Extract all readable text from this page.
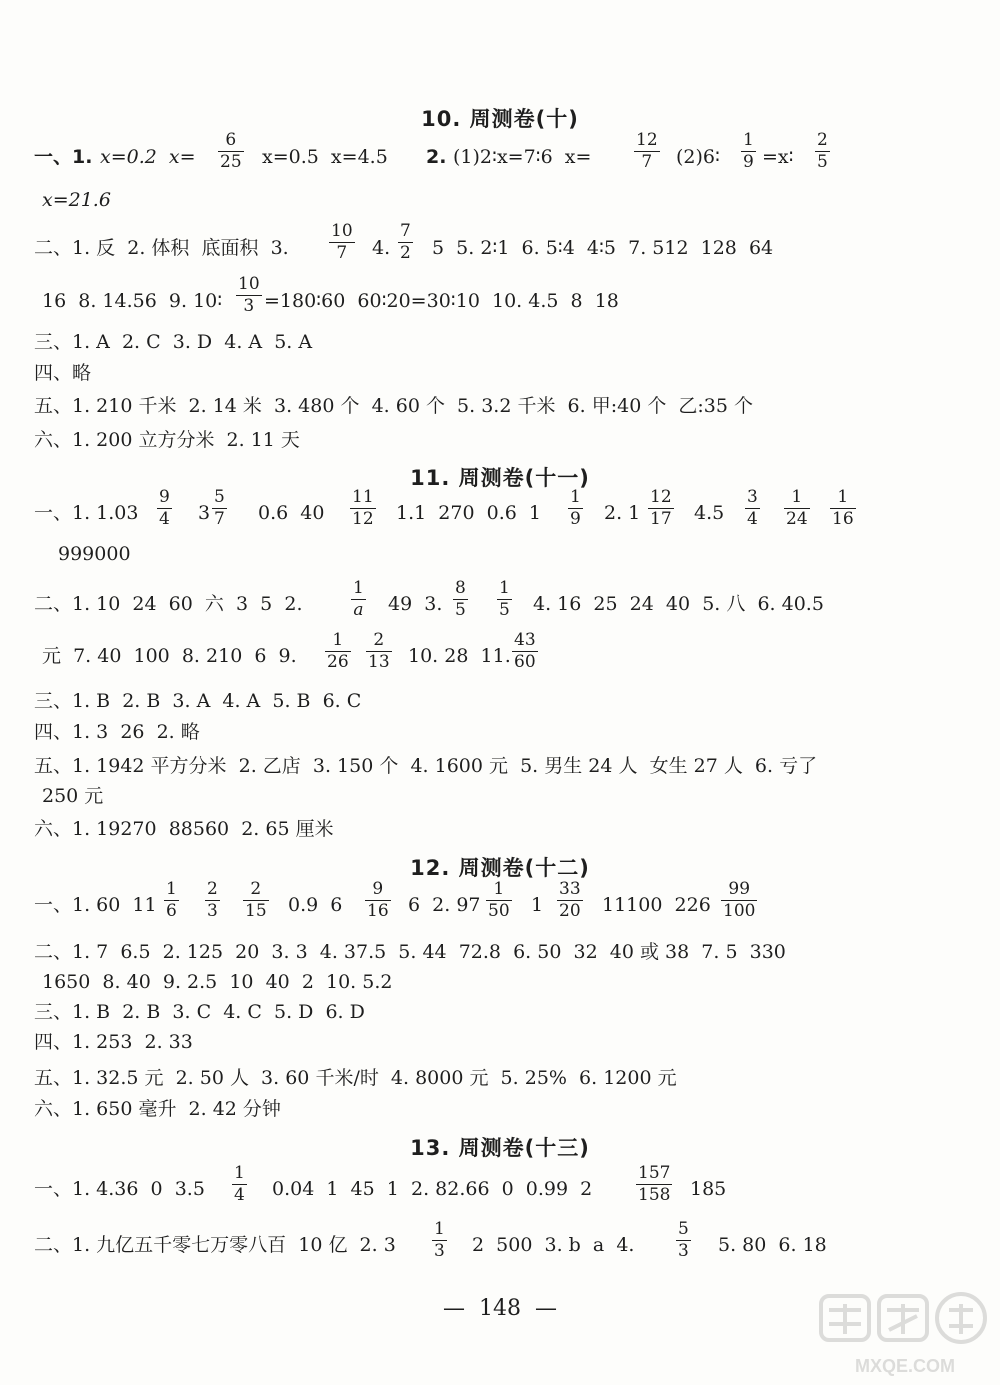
10. 周测卷(十)
一、1. x=0.2  x=
6
25 x=0.5  x=4.5 2. (1)2∶x=7∶6  x=
12
7	(2)6∶
1
9 =x∶
2
5
x=21.6
二、1. 反  2. 体积  底面积  3.
10
7	4.
7
2 5  5. 2∶1  6. 5∶4  4∶5  7. 512  128  64
16  8. 14.56  9. 10∶
10
3 =180∶60  60∶20=30∶10  10. 4.5  8  18
三、1. A  2. C  3. D  4. A  5. A
四、略
五、1. 210 千米  2. 14 米  3. 480 个  4. 60 个  5. 3.2 千米  6. 甲:40 个  乙:35 个
六、1. 200 立方分米  2. 11 天
11. 周测卷(十一)
一、1. 1.03
9
4 3
5
7 0.6  40
11
12 1.1  270  0.6  1
1
9 2. 1
12
17 4.5
3
4
1
24
1
16
999000
二、1. 10  24  60  六  3  5  2.
1
a 49  3.
8
5
1
5 4. 16  25  24  40  5. 八  6. 40.5
元  7. 40  100  8. 210  6  9.
1
26
2
13 10. 28  11.
43
60
三、1. B  2. B  3. A  4. A  5. B  6. C
四、1. 3  26  2. 略
五、1. 1942 平方分米  2. 乙店  3. 150 个  4. 1600 元  5. 男生 24 人  女生 27 人  6. 亏了
250 元
六、1. 19270  88560  2. 65 厘米
12. 周测卷(十二)
一、1. 60  11
1
6
2
3
2
15 0.9  6
9
16 6  2. 97
1
50 1
33
20 11100  226
99
100
二、1. 7  6.5  2. 125  20  3. 3  4. 37.5  5. 44  72.8  6. 50  32  40 或 38  7. 5  330
1650  8. 40  9. 2.5  10  40  2  10. 5.2
三、1. B  2. B  3. C  4. C  5. D  6. D
四、1. 253  2. 33
五、1. 32.5 元  2. 50 人  3. 60 千米/时  4. 8000 元  5. 25%  6. 1200 元
六、1. 650 毫升  2. 42 分钟
13. 周测卷(十三)
一、1. 4.36  0  3.5
1
4 0.04  1  45  1  2. 82.66  0  0.99  2
157
158 185
二、1. 九亿五千零七万零八百  10 亿  2. 3
1
3 2  500  3. b  a  4.
5
3 5. 80  6. 18
— 148 —
MXQE.COM
